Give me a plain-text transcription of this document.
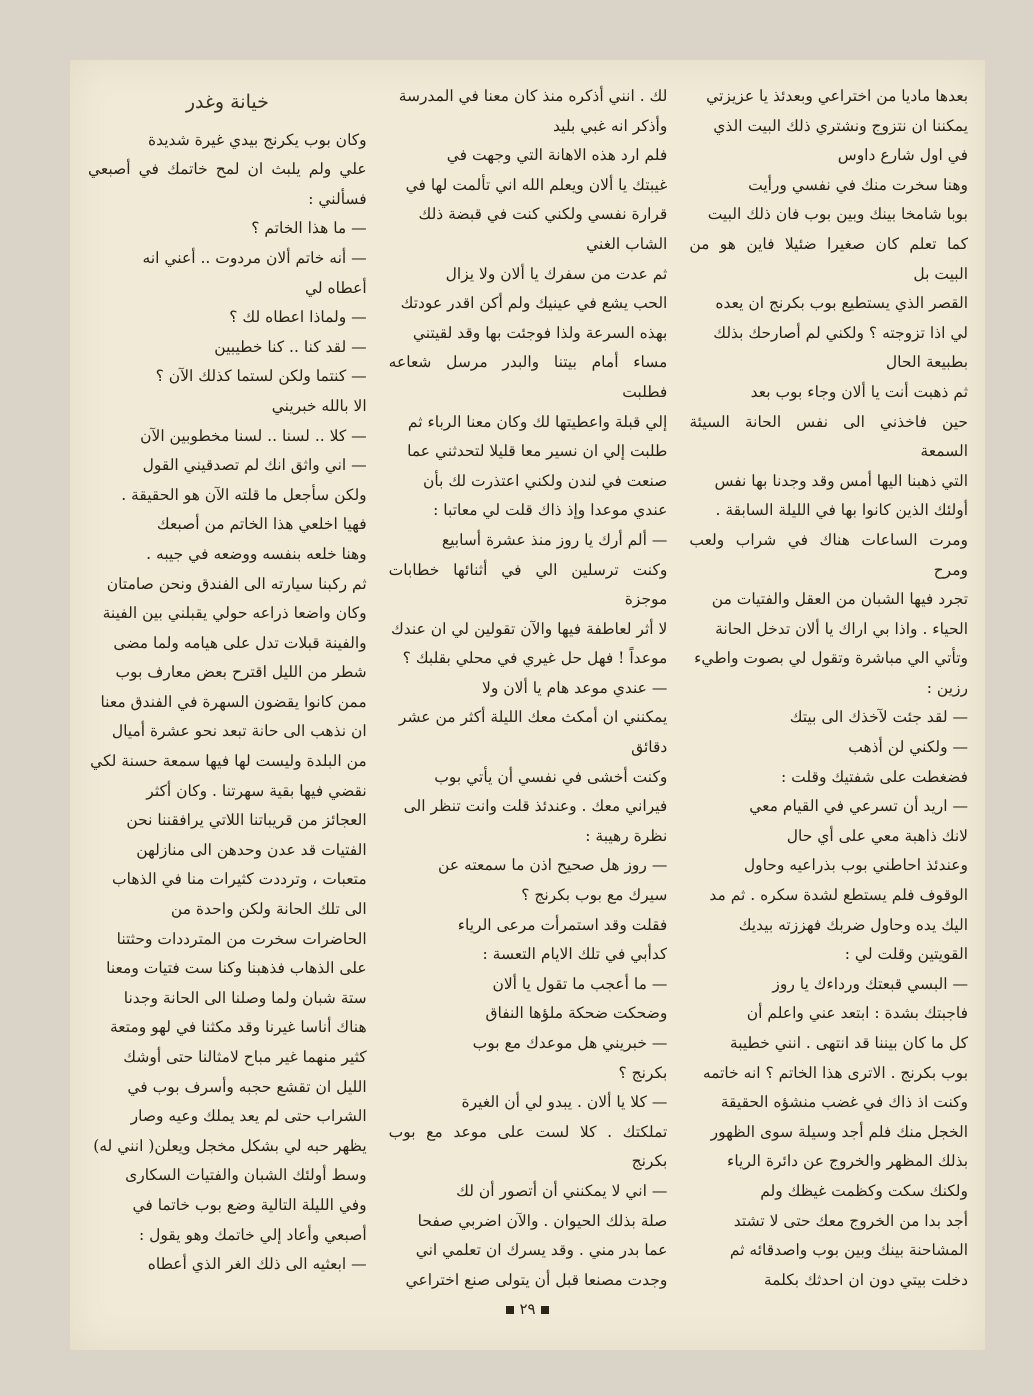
خيانة وغدر

وكان بوب يكرنج بيدي غيرة شديدة

علي ولم يلبث ان لمح خاتمك في أصبعي فسألني :

— ما هذا الخاتم ؟

— أنه خاتم ألان مردوت .. أعني انه

أعطاه لي

— ولماذا اعطاه لك ؟

— لقد كنا .. كنا خطيبين

— كنتما ولكن لستما كذلك الآن ؟

الا بالله خبريني

— كلا .. لسنا .. لسنا مخطوبين الآن

— اني واثق انك لم تصدقيني القول

ولكن سأجعل ما قلته الآن هو الحقيقة .

فهيا اخلعي هذا الخاتم من أصبعك

وهنا خلعه بنفسه ووضعه في جيبه .

ثم ركبنا سيارته الى الفندق ونحن صامتان

وكان واضعا ذراعه حولي يقبلني بين الفينة

والفينة قبلات تدل على هيامه ولما مضى

شطر من الليل اقترح بعض معارف بوب

ممن كانوا يقضون السهرة في الفندق معنا

ان نذهب الى حانة تبعد نحو عشرة أميال

من البلدة وليست لها فيها سمعة حسنة لكي

نقضي فيها بقية سهرتنا . وكان أكثر

العجائز من قريباتنا اللاتي يرافقننا نحن

الفتيات قد عدن وحدهن الى منازلهن

متعبات ، وترددت كثيرات منا في الذهاب

الى تلك الحانة ولكن واحدة من

الحاضرات سخرت من المترددات وحثتنا

على الذهاب فذهبنا وكنا ست فتيات ومعنا

ستة شبان ولما وصلنا الى الحانة وجدنا

هناك أناسا غيرنا وقد مكثنا في لهو ومتعة

كثير منهما غير مباح لامثالنا حتى أوشك

الليل ان تقشع حجبه وأسرف بوب في

الشراب حتى لم يعد يملك وعيه وصار

يظهر حبه لي بشكل مخجل ويعلن( انني له)

وسط أولئك الشبان والفتيات السكارى

وفي الليلة التالية وضع بوب خاتما في

أصبعي وأعاد إلي خاتمك وهو يقول :

— ابعثيه الى ذلك الغر الذي أعطاه

لك . انني أذكره منذ كان معنا في المدرسة

وأذكر انه غبي بليد

فلم ارد هذه الاهانة التي وجهت في

غيبتك يا ألان ويعلم الله اني تألمت لها في

قرارة نفسي ولكني كنت في قبضة ذلك

الشاب الغني

ثم عدت من سفرك يا ألان ولا يزال

الحب يشع في عينيك ولم أكن اقدر عودتك

بهذه السرعة ولذا فوجئت بها وقد لقيتني

مساء أمام بيتنا والبدر مرسل شعاعه فطلبت

إلي قبلة واعطيتها لك وكان معنا الرباء ثم

طلبت إلي ان نسير معا قليلا لتحدثني عما

صنعت في لندن ولكني اعتذرت لك بأن

عندي موعدا وإذ ذاك قلت لي معاتبا :

— ألم أرك يا روز منذ عشرة أسابيع

وكنت ترسلين الي في أثنائها خطابات موجزة

لا أثر لعاطفة فيها والآن تقولين لي ان عندك

موعداً ! فهل حل غيري في محلي بقلبك ؟

— عندي موعد هام يا ألان ولا

يمكنني ان أمكث معك الليلة أكثر من عشر

دقائق

وكنت أخشى في نفسي أن يأتي بوب

فيراني معك . وعندئذ قلت وانت تنظر الى

نظرة رهيبة :

— روز هل صحيح اذن ما سمعته عن

سيرك مع بوب بكرنج ؟

فقلت وقد استمرأت مرعى الرياء

كدأبي في تلك الايام التعسة :

— ما أعجب ما تقول يا ألان

وضحكت ضحكة ملؤها النفاق

— خبريني هل موعدك مع بوب

بكرنج ؟

— كلا يا ألان . يبدو لي أن الغيرة

تملكتك . كلا لست على موعد مع بوب بكرنج

— اني لا يمكنني أن أتصور أن لك

صلة بذلك الحيوان . والآن اضربي صفحا

عما بدر مني . وقد يسرك ان تعلمي اني

وجدت مصنعا قبل أن يتولى صنع اختراعي

بعدها ماديا من اختراعي وبعدئذ يا عزيزتي

يمكننا ان نتزوج ونشتري ذلك البيت الذي

في اول شارع داوس

وهنا سخرت منك في نفسي ورأيت

بوبا شامخا بينك وبين بوب فان ذلك البيت

كما تعلم كان صغيرا ضئيلا فاين هو من البيت بل

القصر الذي يستطيع بوب بكرنج ان يعده

لي اذا تزوجته ؟ ولكني لم أصارحك بذلك

بطبيعة الحال

ثم ذهبت أنت يا ألان وجاء بوب بعد

حين فاخذني الى نفس الحانة السيئة السمعة

التي ذهبنا اليها أمس وقد وجدنا بها نفس

أولئك الذين كانوا بها في الليلة السابقة .

ومرت الساعات هناك في شراب ولعب ومرح

تجرد فيها الشبان من العقل والفتيات من

الحياء . واذا بي اراك يا ألان تدخل الحانة

وتأتي الي مباشرة وتقول لي بصوت واطيء

رزين :

— لقد جئت لآخذك الى بيتك

— ولكني لن أذهب

فضغطت على شفتيك وقلت :

— اريد أن تسرعي في القيام معي

لانك ذاهبة معي على أي حال

وعندئذ احاطني بوب بذراعيه وحاول

الوقوف فلم يستطع لشدة سكره . ثم مد

اليك يده وحاول ضربك فهززته بيديك

القويتين وقلت لي :

— البسي قبعتك ورداءك يا روز

فاجبتك بشدة : ابتعد عني واعلم أن

كل ما كان بيننا قد انتهى . انني خطيبة

بوب بكرنج . الاترى هذا الخاتم ؟ انه خاتمه

وكنت اذ ذاك في غضب منشؤه الحقيقة

الخجل منك فلم أجد وسيلة سوى الظهور

بذلك المظهر والخروج عن دائرة الرياء

ولكنك سكت وكظمت غيظك ولم

أجد بدا من الخروج معك حتى لا تشتد

المشاحنة بينك وبين بوب واصدقائه ثم

دخلت بيتي دون ان احدثك بكلمة

٢٩
